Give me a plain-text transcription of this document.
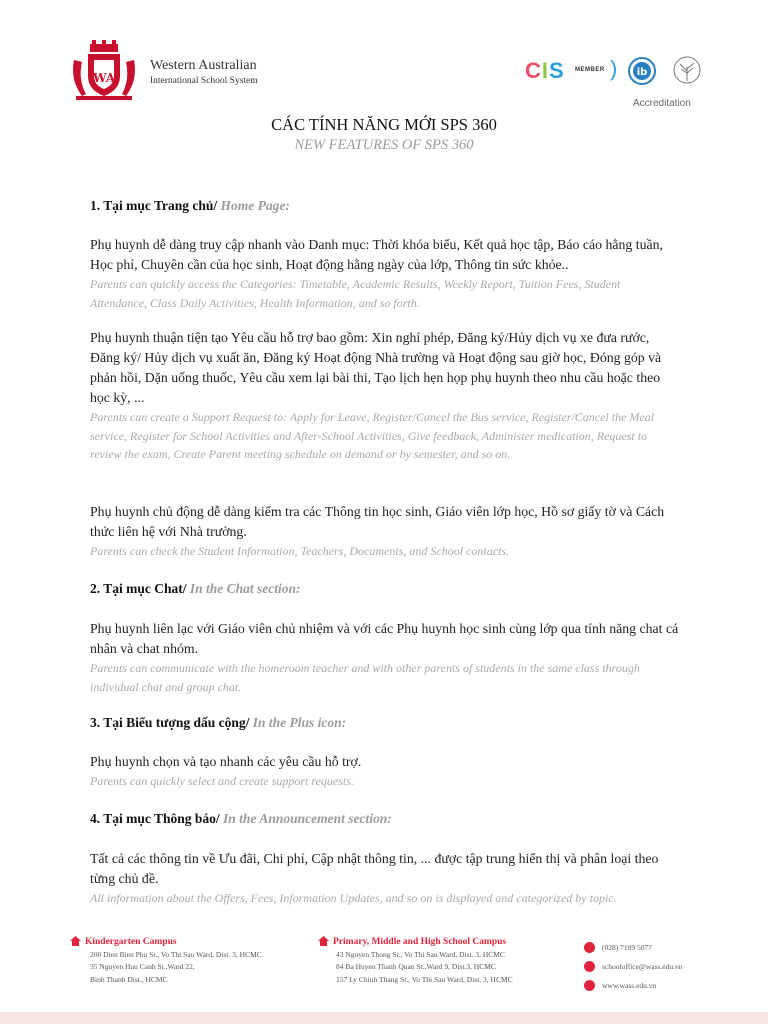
WA
Western Australian
International School System	CIS MEMBER ) ib
Accreditation
CÁC TÍNH NĂNG MỚI SPS 360
NEW FEATURES OF SPS 360
1. Tại mục Trang chủ/ Home Page:
Phụ huynh dễ dàng truy cập nhanh vào Danh mục: Thời khóa biểu, Kết quả học tập, Báo cáo hằng tuần, Học phí, Chuyên cần của học sinh, Hoạt động hằng ngày của lớp, Thông tin sức khỏe..
Parents can quickly access the Categories: Timetable, Academic Results, Weekly Report, Tuition Fees, Student Attendance, Class Daily Activities, Health Information, and so forth.
Phụ huynh thuận tiện tạo Yêu cầu hỗ trợ bao gồm: Xin nghỉ phép, Đăng ký/Hủy dịch vụ xe đưa rước, Đăng ký/ Hủy dịch vụ xuất ăn, Đăng ký Hoạt động Nhà trường và Hoạt động sau giờ học, Đóng góp và phản hồi, Dặn uống thuốc, Yêu cầu xem lại bài thi, Tạo lịch hẹn họp phụ huynh theo nhu cầu hoặc theo học kỳ, ...
Parents can create a Support Request to: Apply for Leave, Register/Cancel the Bus service, Register/Cancel the Meal service, Register for School Activities and After-School Activities, Give feedback, Administer medication, Request to review the exam, Create Parent meeting schedule on demand or by semester, and so on.
Phụ huynh chủ động dễ dàng kiểm tra các Thông tin học sinh, Giáo viên lớp học, Hồ sơ giấy tờ và Cách thức liên hệ với Nhà trường.
Parents can check the Student Information, Teachers, Documents, and School contacts.
2. Tại mục Chat/ In the Chat section:
Phụ huynh liên lạc với Giáo viên chủ nhiệm và với các Phụ huynh học sinh cùng lớp qua tính năng chat cá nhân và chat nhóm.
Parents can communicate with the homeroom teacher and with other parents of students in the same class through individual chat and group chat.
3. Tại Biểu tượng dấu cộng/ In the Plus icon:
Phụ huynh chọn và tạo nhanh các yêu cầu hỗ trợ.
Parents can quickly select and create support requests.
4. Tại mục Thông báo/ In the Announcement section:
Tất cả các thông tin về Ưu đãi, Chi phí, Cập nhật thông tin, ... được tập trung hiển thị và phân loại theo từng chủ đề.
All information about the Offers, Fees, Information Updates, and so on is displayed and categorized by topic.
Kindergarten Campus
200 Dien Bien Phu St., Vo Thi Sau Ward, Dist. 3, HCMC
35 Nguyen Huu Canh St.,Ward 22,
Binh Thanh Dist., HCMC
Primary, Middle and High School Campus
43 Nguyen Thong St., Vo Thi Sau Ward, Dist. 3, HCMC
84 Ba Huyen Thanh Quan St.,Ward 9, Dist.3, HCMC
157 Ly Chinh Thang St., Vo Thi Sau Ward, Dist. 3, HCMC
(028) 7109 5077
schooloffice@wass.edu.vn
www.wass.edu.vn
